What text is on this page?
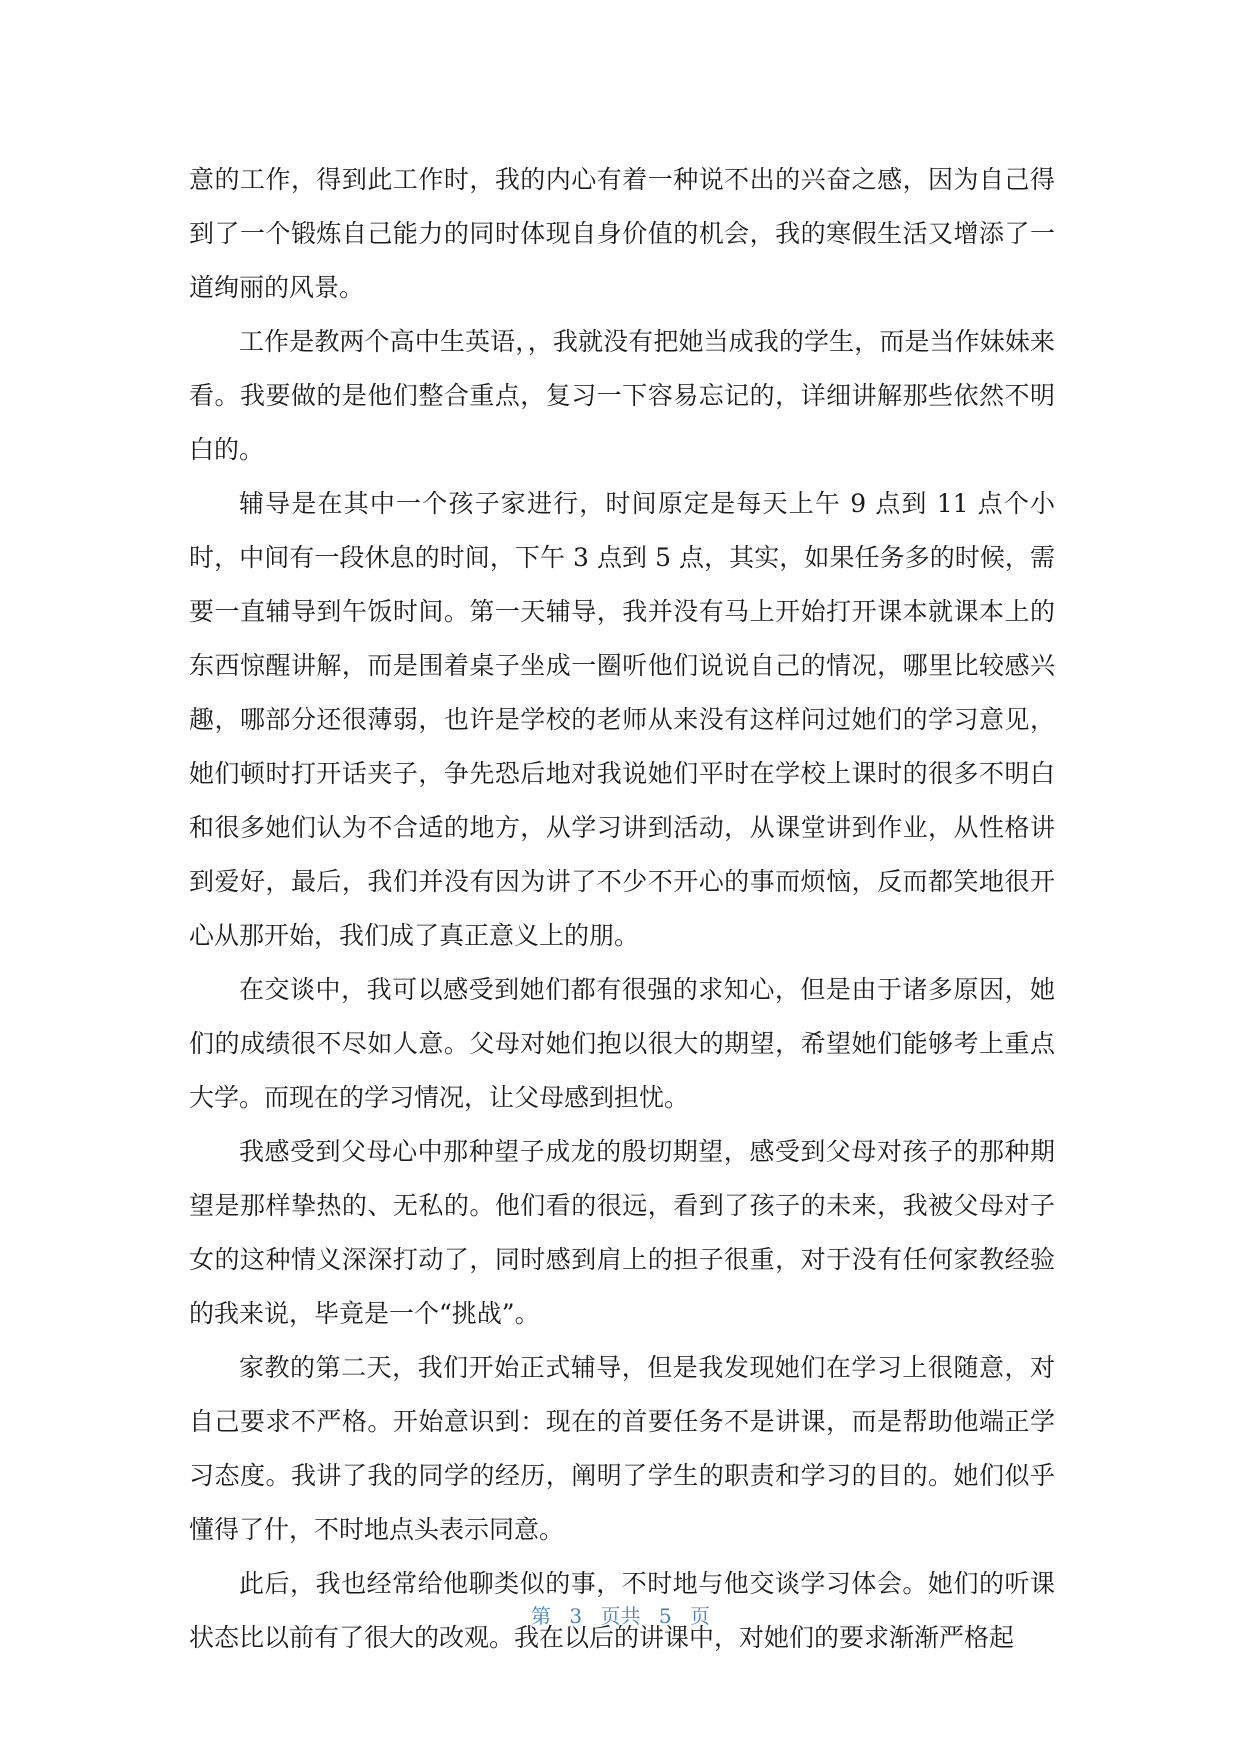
意的工作，得到此工作时，我的内心有着一种说不出的兴奋之感，因为自己得到了一个锻炼自己能力的同时体现自身价值的机会，我的寒假生活又增添了一道绚丽的风景。

工作是教两个高中生英语，，我就没有把她当成我的学生，而是当作妹妹来看。我要做的是他们整合重点，复习一下容易忘记的，详细讲解那些依然不明白的。

辅导是在其中一个孩子家进行，时间原定是每天上午 9 点到 11 点个小时，中间有一段休息的时间，下午 3 点到 5 点，其实，如果任务多的时候，需要一直辅导到午饭时间。第一天辅导，我并没有马上开始打开课本就课本上的东西惊醒讲解，而是围着桌子坐成一圈听他们说说自己的情况，哪里比较感兴趣，哪部分还很薄弱，也许是学校的老师从来没有这样问过她们的学习意见，她们顿时打开话夹子，争先恐后地对我说她们平时在学校上课时的很多不明白和很多她们认为不合适的地方，从学习讲到活动，从课堂讲到作业，从性格讲到爱好，最后，我们并没有因为讲了不少不开心的事而烦恼，反而都笑地很开心从那开始，我们成了真正意义上的朋。

在交谈中，我可以感受到她们都有很强的求知心，但是由于诸多原因，她们的成绩很不尽如人意。父母对她们抱以很大的期望，希望她们能够考上重点大学。而现在的学习情况，让父母感到担忧。

我感受到父母心中那种望子成龙的殷切期望，感受到父母对孩子的那种期望是那样挚热的、无私的。他们看的很远，看到了孩子的未来，我被父母对子女的这种情义深深打动了，同时感到肩上的担子很重，对于没有任何家教经验的我来说，毕竟是一个“挑战”。

家教的第二天，我们开始正式辅导，但是我发现她们在学习上很随意，对自己要求不严格。开始意识到：现在的首要任务不是讲课，而是帮助他端正学习态度。我讲了我的同学的经历，阐明了学生的职责和学习的目的。她们似乎懂得了什，不时地点头表示同意。

此后，我也经常给他聊类似的事，不时地与他交谈学习体会。她们的听课状态比以前有了很大的改观。我在以后的讲课中，对她们的要求渐渐严格起

第 3 页共 5 页
